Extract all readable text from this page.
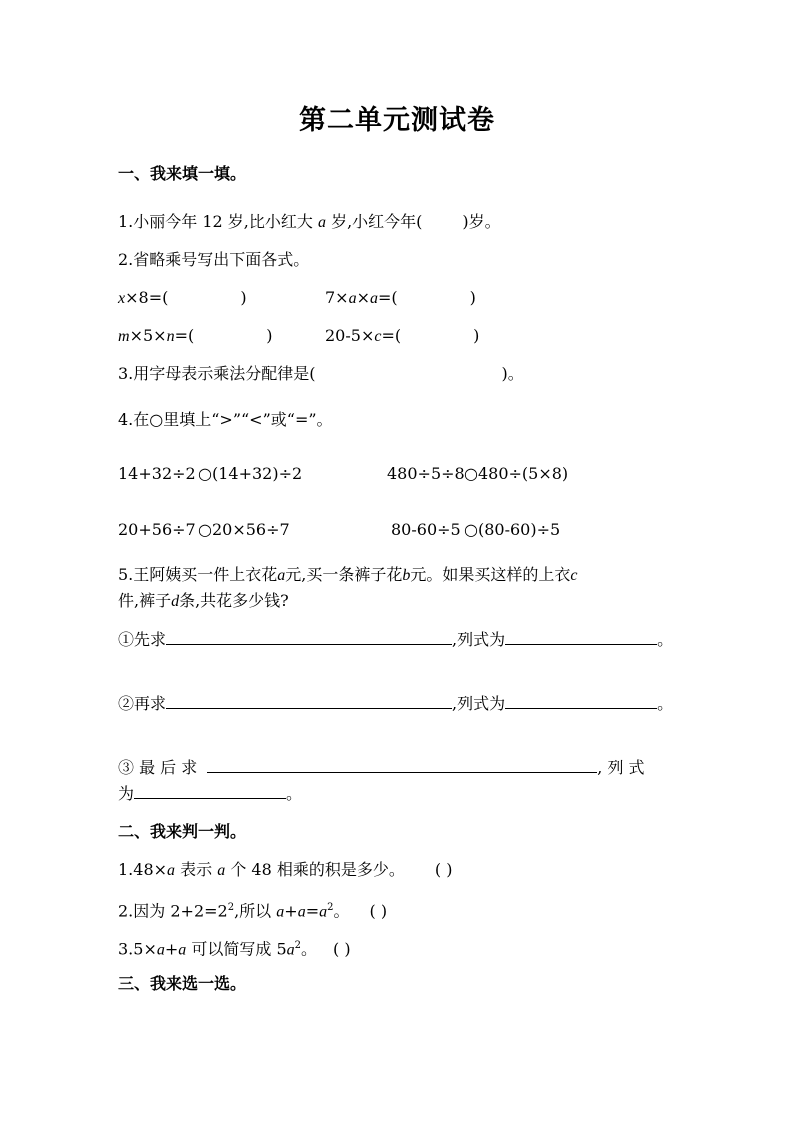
第二单元测试卷
一、我来填一填。
1.小丽今年 12 岁,比小红大 a 岁,小红今年(	)岁。
2.省略乘号写出下面各式。
x×8=(	)	7×a×a=(	)
m×5×n=(	)	20-5×c=(	)
3.用字母表示乘法分配律是(	)。
4.在○里填上“>”“<”或“=”。
14+32÷2 ○(14+32)÷2	480÷5÷8 ○480÷(5×8)
20+56÷7 ○20×56÷7	80-60÷5 ○(80-60)÷5
5.王阿姨买一件上衣花a元,买一条裤子花b元。如果买这样的上衣c
件,裤子d条,共花多少钱?
①先求	,列式为	。
②再求	,列式为	。
③ 最 后 求	, 列 式
为	。
二、我来判一判。
1.48×a 表示 a 个 48 相乘的积是多少。 ( )
2.因为 $2+2=2^2$,所以 $a+a=a^2$。 ( )
3.5×a+a 可以简写成 $5a^2$。 ( )
三、我来选一选。
